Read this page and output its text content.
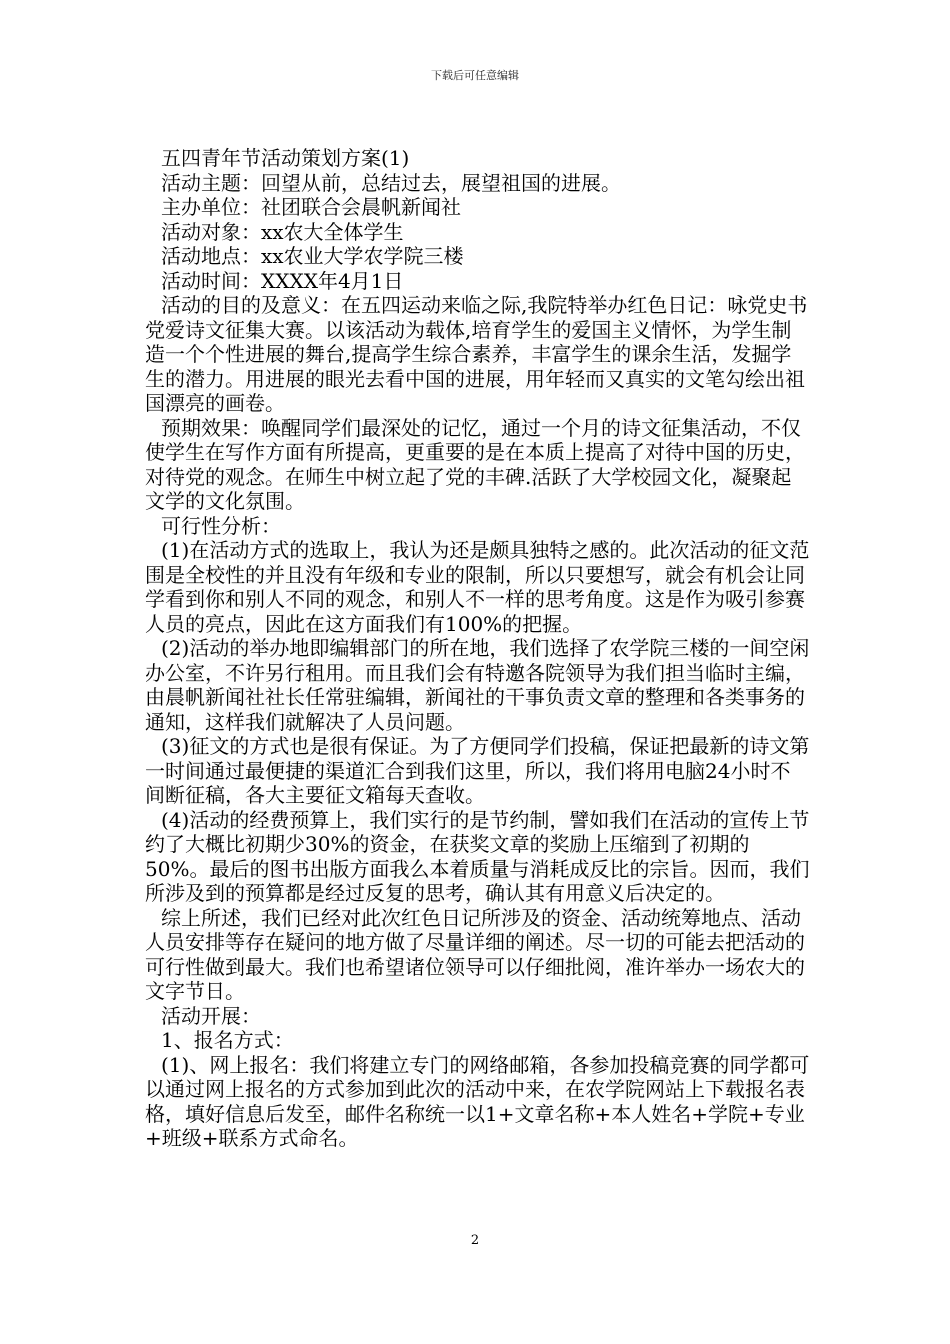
下载后可任意编辑

五四青年节活动策划方案(1)

活动主题：回望从前，总结过去，展望祖国的进展。

主办单位：社团联合会晨帆新闻社

活动对象：xx农大全体学生

活动地点：xx农业大学农学院三楼

活动时间：XXXX年4月1日

活动的目的及意义：在五四运动来临之际,我院特举办红色日记：咏党史书党爱诗文征集大赛。以该活动为载体,培育学生的爱国主义情怀，为学生制造一个个性进展的舞台,提高学生综合素养，丰富学生的课余生活，发掘学生的潜力。用进展的眼光去看中国的进展，用年轻而又真实的文笔勾绘出祖国漂亮的画卷。

预期效果：唤醒同学们最深处的记忆，通过一个月的诗文征集活动，不仅使学生在写作方面有所提高，更重要的是在本质上提高了对待中国的历史，对待党的观念。在师生中树立起了党的丰碑.活跃了大学校园文化，凝聚起文学的文化氛围。

可行性分析：

(1)在活动方式的选取上，我认为还是颇具独特之感的。此次活动的征文范围是全校性的并且没有年级和专业的限制，所以只要想写，就会有机会让同学看到你和别人不同的观念，和别人不一样的思考角度。这是作为吸引参赛人员的亮点，因此在这方面我们有100%的把握。

(2)活动的举办地即编辑部门的所在地，我们选择了农学院三楼的一间空闲办公室，不许另行租用。而且我们会有特邀各院领导为我们担当临时主编，由晨帆新闻社社长任常驻编辑，新闻社的干事负责文章的整理和各类事务的通知，这样我们就解决了人员问题。

(3)征文的方式也是很有保证。为了方便同学们投稿，保证把最新的诗文第一时间通过最便捷的渠道汇合到我们这里，所以，我们将用电脑24小时不间断征稿，各大主要征文箱每天查收。

(4)活动的经费预算上，我们实行的是节约制，譬如我们在活动的宣传上节约了大概比初期少30%的资金，在获奖文章的奖励上压缩到了初期的50%。最后的图书出版方面我么本着质量与消耗成反比的宗旨。因而，我们所涉及到的预算都是经过反复的思考，确认其有用意义后决定的。

综上所述，我们已经对此次红色日记所涉及的资金、活动统筹地点、活动人员安排等存在疑问的地方做了尽量详细的阐述。尽一切的可能去把活动的可行性做到最大。我们也希望诸位领导可以仔细批阅，准许举办一场农大的文字节日。

活动开展：

1、报名方式：

(1)、网上报名：我们将建立专门的网络邮箱，各参加投稿竞赛的同学都可以通过网上报名的方式参加到此次的活动中来，在农学院网站上下载报名表格，填好信息后发至，邮件名称统一以1+文章名称+本人姓名+学院+专业+班级+联系方式命名。

2
